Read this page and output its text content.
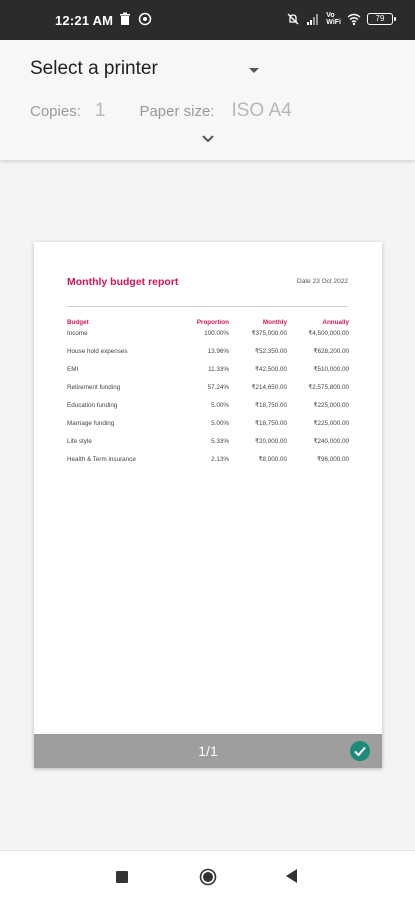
12:21 AM	Vo
WiFi	79
Select a printer
Copies: 1 Paper size: ISO A4
Monthly budget report	Date 23 Oct 2022
Budget	Proportion	Monthly	Annually
Income	100.00%	₹375,000.00	₹4,500,000.00
House hold expenses	13.96%	₹52,350.00	₹628,200.00
EMI	11.33%	₹42,500.00	₹510,000.00
Retirement funding	57.24%	₹214,650.00	₹2,575,800.00
Education funding	5.00%	₹18,750.00	₹225,000.00
Marriage funding	5.00%	₹18,750.00	₹225,000.00
Life style	5.33%	₹20,000.00	₹240,000.00
Health & Term insurance	2.13%	₹8,000.00	₹96,000.00
1/1
